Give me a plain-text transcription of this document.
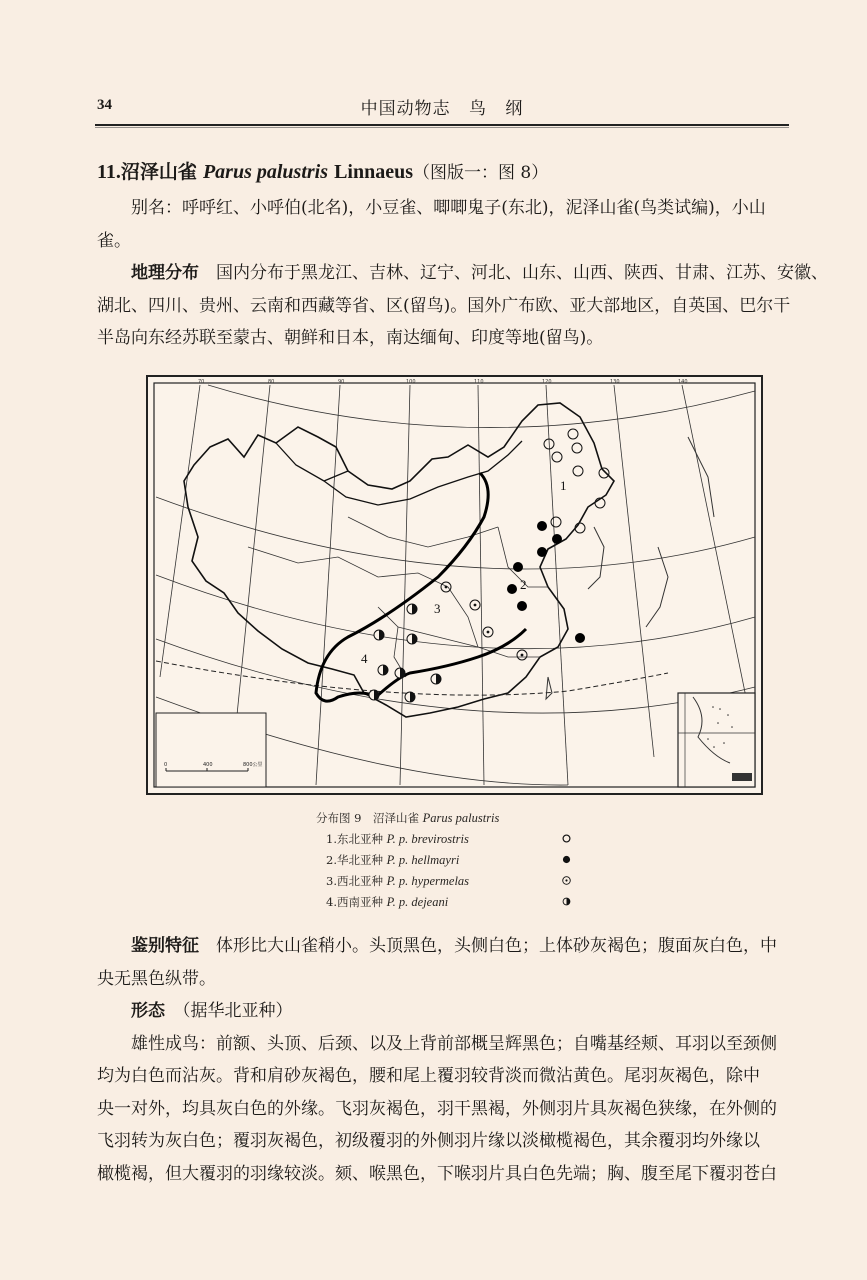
34	中国动物志 鸟 纲
11.沼泽山雀 Parus palustris Linnaeus（图版一：图 8）
别名：呼呼红、小呼伯(北名)，小豆雀、唧唧鬼子(东北)，泥泽山雀(鸟类试编)，小山
雀。
地理分布　 国内分布于黑龙江、吉林、辽宁、河北、山东、山西、陕西、甘肃、江苏、安徽、
湖北、四川、贵州、云南和西藏等省、区(留鸟)。国外广布欧、亚大部地区，自英国、巴尔干
半岛向东经苏联至蒙古、朝鲜和日本，南达缅甸、印度等地(留鸟)。
70	80	90	100	110	120	130	140
1
2
3
4
0	400	800公里
分布图 9　沼泽山雀 Parus palustris
1.东北亚种 P. p. brevirostris
2.华北亚种 P. p. hellmayri
3.西北亚种 P. p. hypermelas
4.西南亚种 P. p. dejeani
鉴别特征　 体形比大山雀稍小。头顶黑色，头侧白色；上体砂灰褐色；腹面灰白色，中
央无黑色纵带。
形态　 （据华北亚种）
雄性成鸟：前额、头顶、后颈、以及上背前部概呈辉黑色；自嘴基经颊、耳羽以至颈侧
均为白色而沾灰。背和肩砂灰褐色，腰和尾上覆羽较背淡而微沾黄色。尾羽灰褐色，除中
央一对外，均具灰白色的外缘。飞羽灰褐色，羽干黑褐，外侧羽片具灰褐色狭缘，在外侧的
飞羽转为灰白色；覆羽灰褐色，初级覆羽的外侧羽片缘以淡橄榄褐色，其余覆羽均外缘以
橄榄褐，但大覆羽的羽缘较淡。颏、喉黑色，下喉羽片具白色先端；胸、腹至尾下覆羽苍白
